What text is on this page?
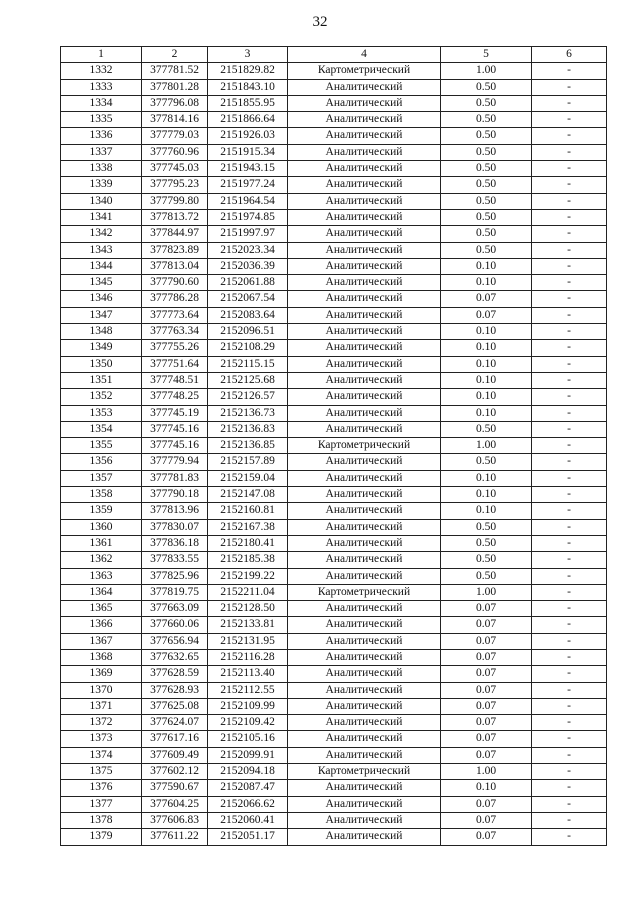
32
1	2	3	4	5	6
1332	377781.52	2151829.82	Картометрический	1.00	-
1333	377801.28	2151843.10	Аналитический	0.50	-
1334	377796.08	2151855.95	Аналитический	0.50	-
1335	377814.16	2151866.64	Аналитический	0.50	-
1336	377779.03	2151926.03	Аналитический	0.50	-
1337	377760.96	2151915.34	Аналитический	0.50	-
1338	377745.03	2151943.15	Аналитический	0.50	-
1339	377795.23	2151977.24	Аналитический	0.50	-
1340	377799.80	2151964.54	Аналитический	0.50	-
1341	377813.72	2151974.85	Аналитический	0.50	-
1342	377844.97	2151997.97	Аналитический	0.50	-
1343	377823.89	2152023.34	Аналитический	0.50	-
1344	377813.04	2152036.39	Аналитический	0.10	-
1345	377790.60	2152061.88	Аналитический	0.10	-
1346	377786.28	2152067.54	Аналитический	0.07	-
1347	377773.64	2152083.64	Аналитический	0.07	-
1348	377763.34	2152096.51	Аналитический	0.10	-
1349	377755.26	2152108.29	Аналитический	0.10	-
1350	377751.64	2152115.15	Аналитический	0.10	-
1351	377748.51	2152125.68	Аналитический	0.10	-
1352	377748.25	2152126.57	Аналитический	0.10	-
1353	377745.19	2152136.73	Аналитический	0.10	-
1354	377745.16	2152136.83	Аналитический	0.50	-
1355	377745.16	2152136.85	Картометрический	1.00	-
1356	377779.94	2152157.89	Аналитический	0.50	-
1357	377781.83	2152159.04	Аналитический	0.10	-
1358	377790.18	2152147.08	Аналитический	0.10	-
1359	377813.96	2152160.81	Аналитический	0.10	-
1360	377830.07	2152167.38	Аналитический	0.50	-
1361	377836.18	2152180.41	Аналитический	0.50	-
1362	377833.55	2152185.38	Аналитический	0.50	-
1363	377825.96	2152199.22	Аналитический	0.50	-
1364	377819.75	2152211.04	Картометрический	1.00	-
1365	377663.09	2152128.50	Аналитический	0.07	-
1366	377660.06	2152133.81	Аналитический	0.07	-
1367	377656.94	2152131.95	Аналитический	0.07	-
1368	377632.65	2152116.28	Аналитический	0.07	-
1369	377628.59	2152113.40	Аналитический	0.07	-
1370	377628.93	2152112.55	Аналитический	0.07	-
1371	377625.08	2152109.99	Аналитический	0.07	-
1372	377624.07	2152109.42	Аналитический	0.07	-
1373	377617.16	2152105.16	Аналитический	0.07	-
1374	377609.49	2152099.91	Аналитический	0.07	-
1375	377602.12	2152094.18	Картометрический	1.00	-
1376	377590.67	2152087.47	Аналитический	0.10	-
1377	377604.25	2152066.62	Аналитический	0.07	-
1378	377606.83	2152060.41	Аналитический	0.07	-
1379	377611.22	2152051.17	Аналитический	0.07	-
